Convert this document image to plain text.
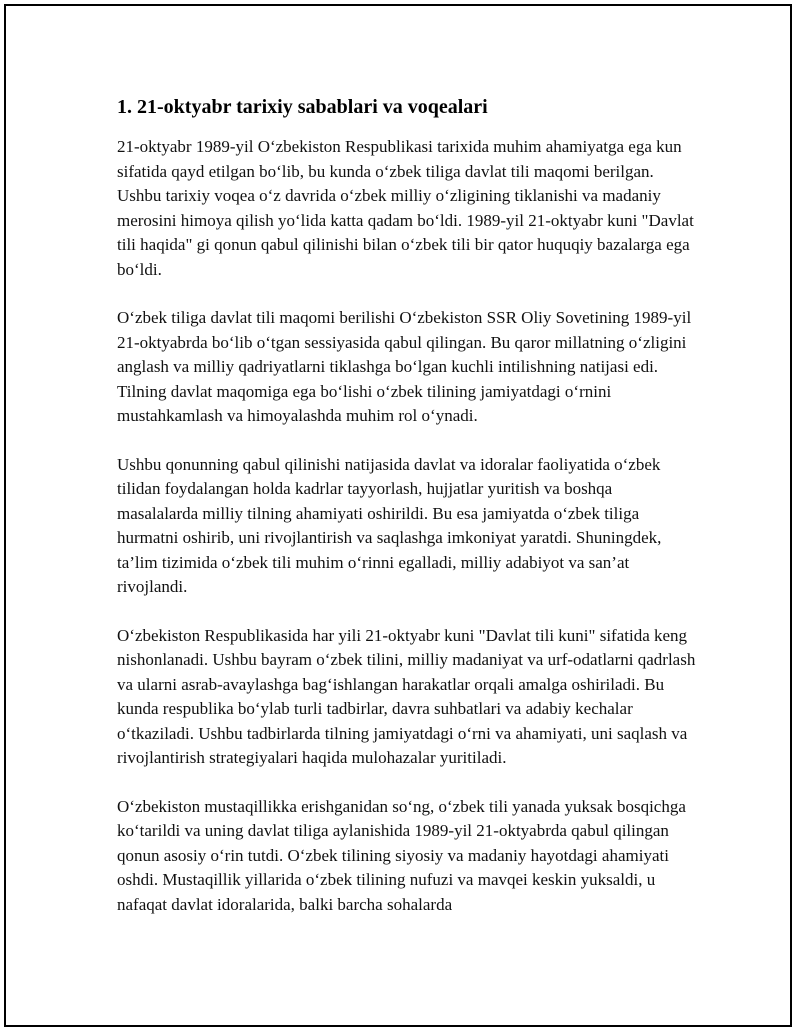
1. 21-oktyabr tarixiy sabablari va voqealari

21-oktyabr 1989-yil O‘zbekiston Respublikasi tarixida muhim ahamiyatga ega kun sifatida qayd etilgan bo‘lib, bu kunda o‘zbek tiliga davlat tili maqomi berilgan. Ushbu tarixiy voqea o‘z davrida o‘zbek milliy o‘zligining tiklanishi va madaniy merosini himoya qilish yo‘lida katta qadam bo‘ldi. 1989-yil 21-oktyabr kuni "Davlat tili haqida" gi qonun qabul qilinishi bilan o‘zbek tili bir qator huquqiy bazalarga ega bo‘ldi.

O‘zbek tiliga davlat tili maqomi berilishi O‘zbekiston SSR Oliy Sovetining 1989-yil 21-oktyabrda bo‘lib o‘tgan sessiyasida qabul qilingan. Bu qaror millatning o‘zligini anglash va milliy qadriyatlarni tiklashga bo‘lgan kuchli intilishning natijasi edi. Tilning davlat maqomiga ega bo‘lishi o‘zbek tilining jamiyatdagi o‘rnini mustahkamlash va himoyalashda muhim rol o‘ynadi.

Ushbu qonunning qabul qilinishi natijasida davlat va idoralar faoliyatida o‘zbek tilidan foydalangan holda kadrlar tayyorlash, hujjatlar yuritish va boshqa masalalarda milliy tilning ahamiyati oshirildi. Bu esa jamiyatda o‘zbek tiliga hurmatni oshirib, uni rivojlantirish va saqlashga imkoniyat yaratdi. Shuningdek, ta’lim tizimida o‘zbek tili muhim o‘rinni egalladi, milliy adabiyot va san’at rivojlandi.

O‘zbekiston Respublikasida har yili 21-oktyabr kuni "Davlat tili kuni" sifatida keng nishonlanadi. Ushbu bayram o‘zbek tilini, milliy madaniyat va urf-odatlarni qadrlash va ularni asrab-avaylashga bag‘ishlangan harakatlar orqali amalga oshiriladi. Bu kunda respublika bo‘ylab turli tadbirlar, davra suhbatlari va adabiy kechalar o‘tkaziladi. Ushbu tadbirlarda tilning jamiyatdagi o‘rni va ahamiyati, uni saqlash va rivojlantirish strategiyalari haqida mulohazalar yuritiladi.

O‘zbekiston mustaqillikka erishganidan so‘ng, o‘zbek tili yanada yuksak bosqichga ko‘tarildi va uning davlat tiliga aylanishida 1989-yil 21-oktyabrda qabul qilingan qonun asosiy o‘rin tutdi. O‘zbek tilining siyosiy va madaniy hayotdagi ahamiyati oshdi. Mustaqillik yillarida o‘zbek tilining nufuzi va mavqei keskin yuksaldi, u nafaqat davlat idoralarida, balki barcha sohalarda
